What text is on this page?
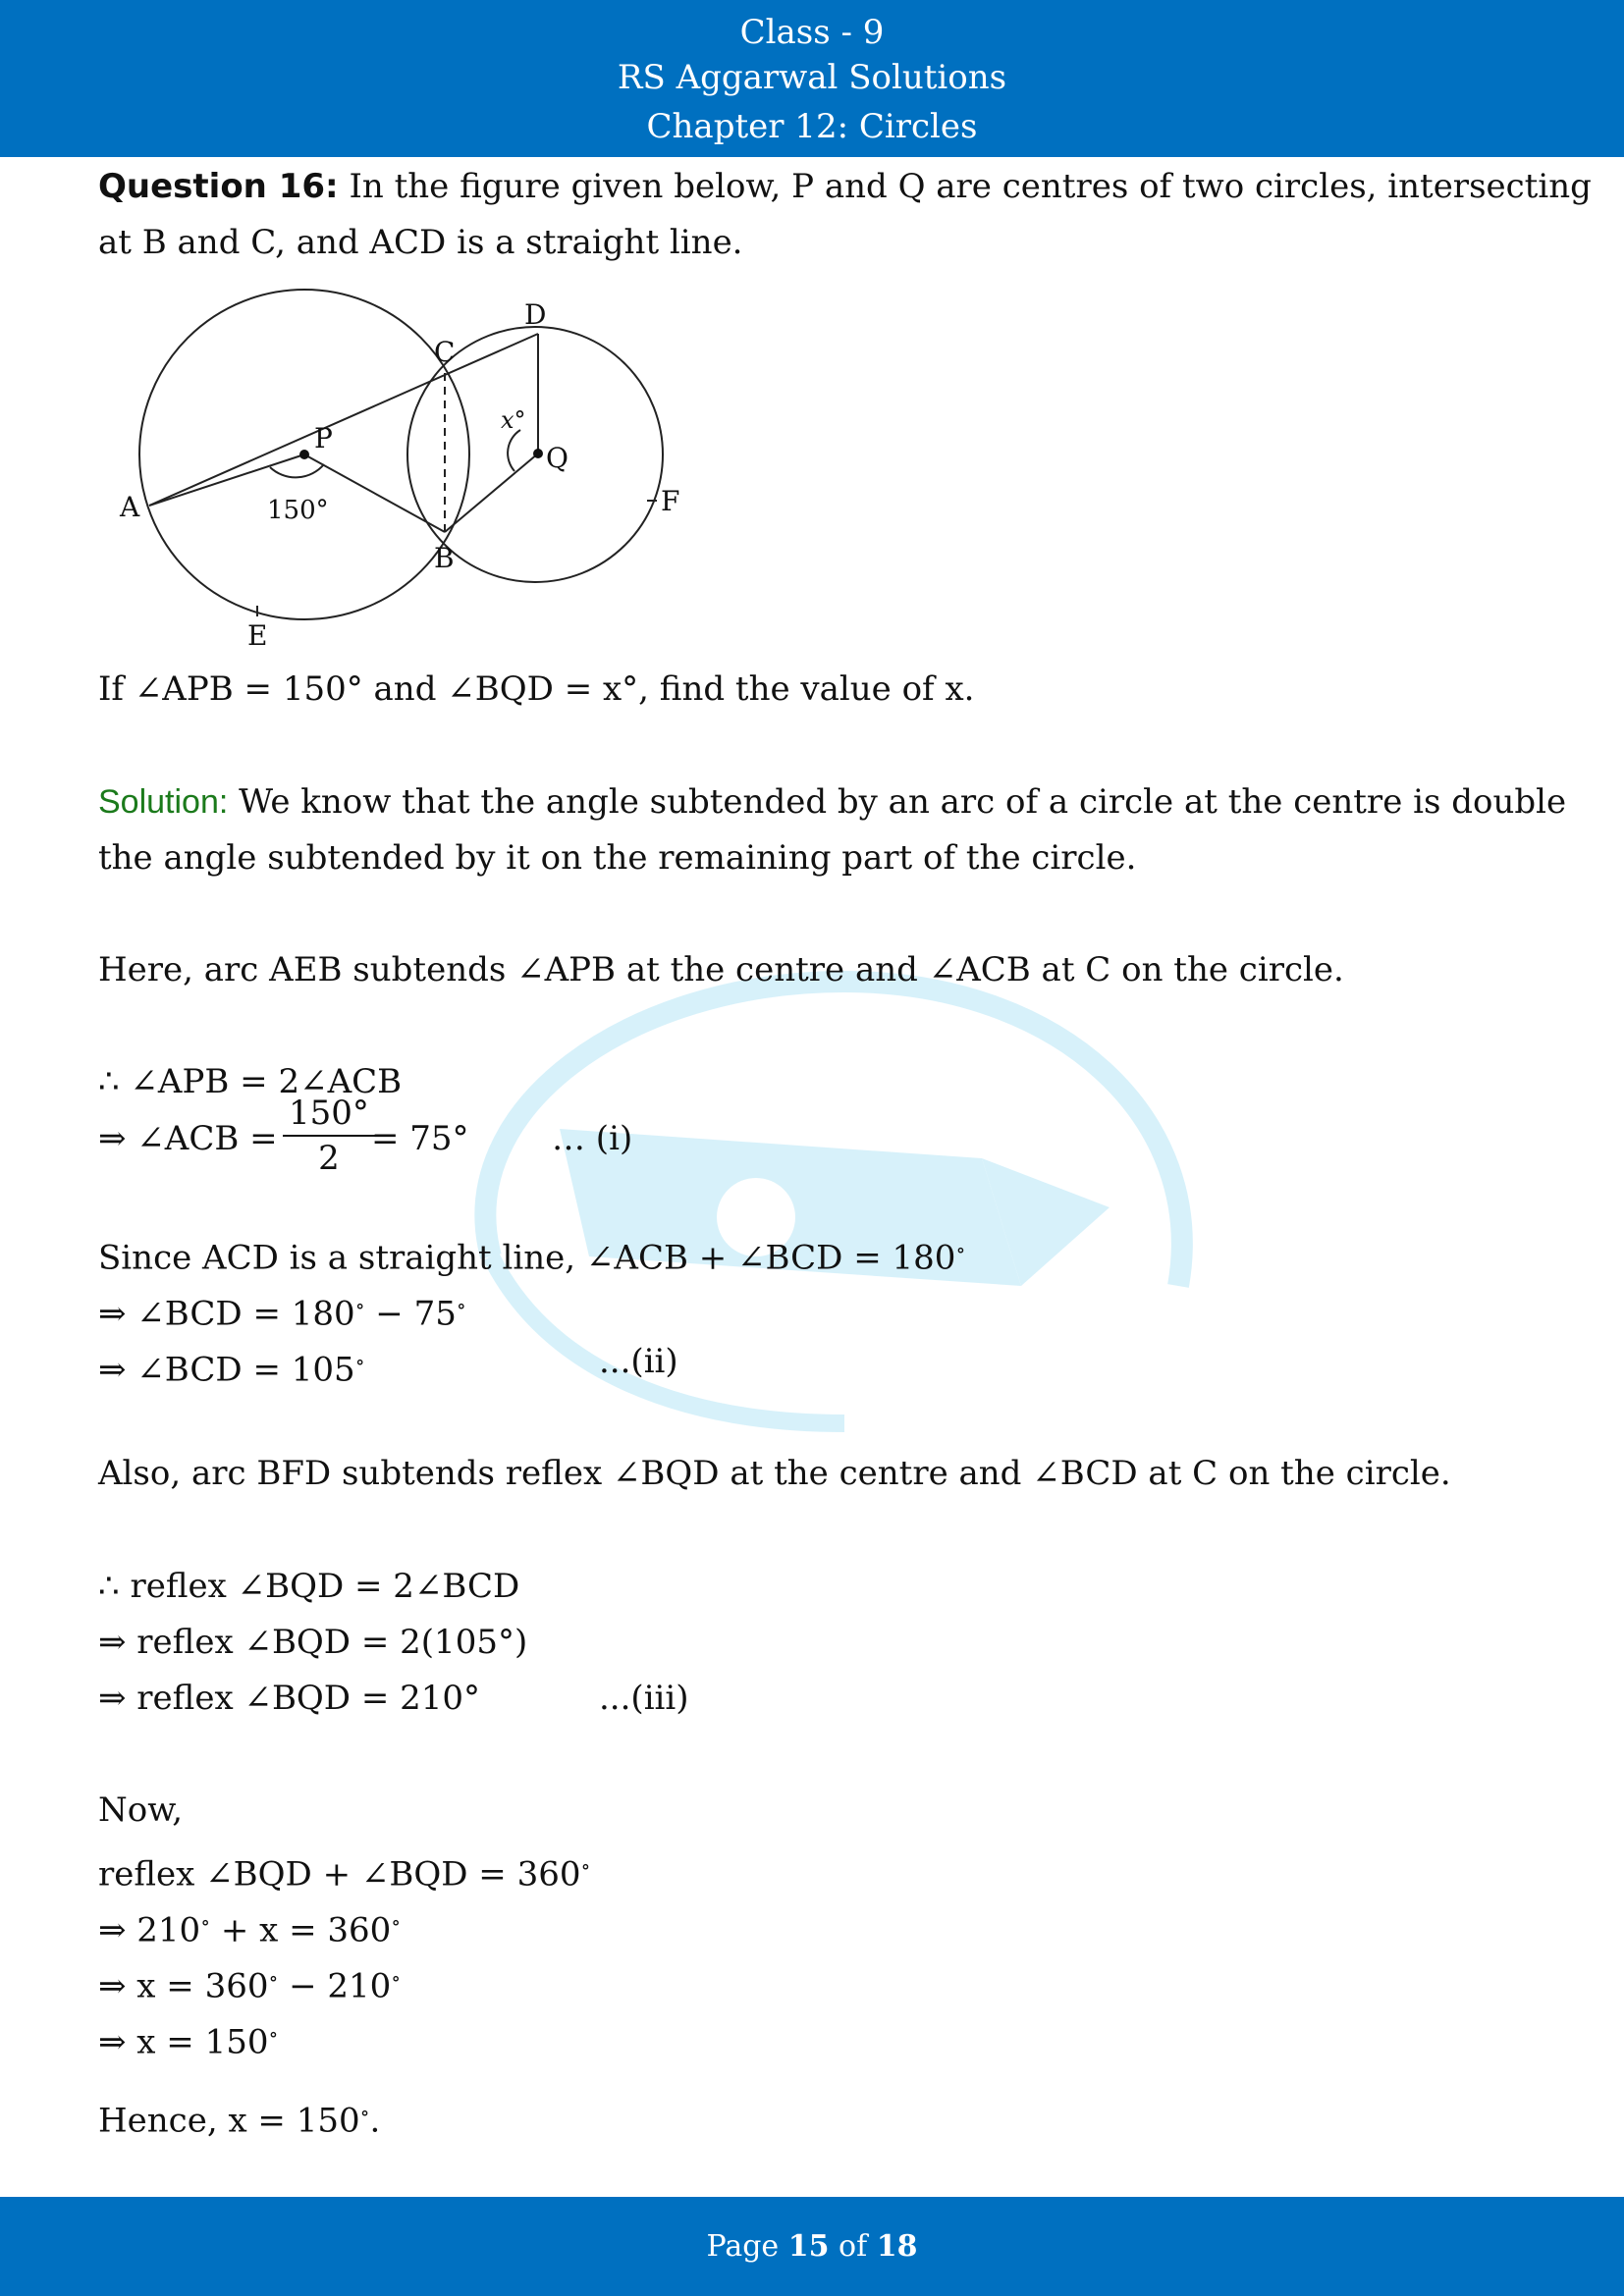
Class - 9
RS Aggarwal Solutions
Chapter 12: Circles
Question 16: In the figure given below, P and Q are centres of two circles, intersecting
at B and C, and ACD is a straight line.
A
B
C
D
E
F
P
Q
150°
x°
If ∠APB = 150° and ∠BQD = x°, find the value of x.
Solution: We know that the angle subtended by an arc of a circle at the centre is double
the angle subtended by it on the remaining part of the circle.
Here, arc AEB subtends ∠APB at the centre and ∠ACB at C on the circle.
∴ ∠APB = 2∠ACB
⇒ ∠ACB = $\frac{150^\circ}{2}$
= 75° … (i)
Since ACD is a straight line, ∠ACB + ∠BCD = 180∘
⇒ ∠BCD = 180∘ − 75∘
⇒ ∠BCD = 105∘	...(ii)
Also, arc BFD subtends reflex ∠BQD at the centre and ∠BCD at C on the circle.
∴ reflex ∠BQD = 2∠BCD
⇒ reflex ∠BQD = 2(105°)
⇒ reflex ∠BQD = 210°	...(iii)
Now,
reflex ∠BQD + ∠BQD = 360∘
⇒ 210∘ + x = 360∘
⇒ x = 360∘ − 210∘
⇒ x = 150∘
Hence, x = 150∘.
Page 15 of 18
